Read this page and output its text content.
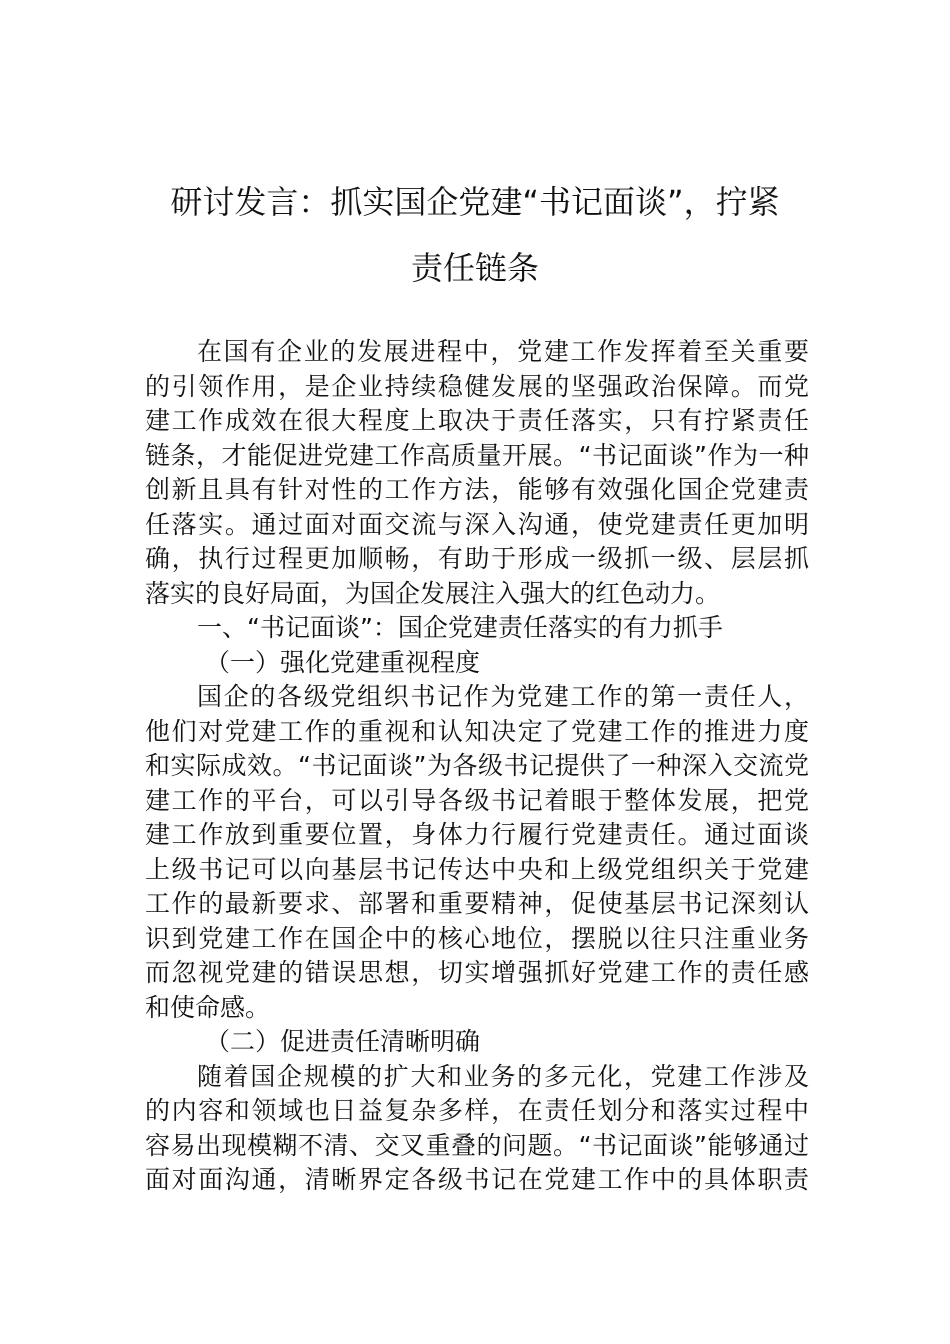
研讨发言：抓实国企党建“书记面谈”，拧紧
责任链条
在国有企业的发展进程中，党建工作发挥着至关重要
的引领作用，是企业持续稳健发展的坚强政治保障。而党
建工作成效在很大程度上取决于责任落实，只有拧紧责任
链条，才能促进党建工作高质量开展。“书记面谈”作为一种
创新且具有针对性的工作方法，能够有效强化国企党建责
任落实。通过面对面交流与深入沟通，使党建责任更加明
确，执行过程更加顺畅，有助于形成一级抓一级、层层抓
落实的良好局面，为国企发展注入强大的红色动力。
一、“书记面谈”：国企党建责任落实的有力抓手
（一）强化党建重视程度
国企的各级党组织书记作为党建工作的第一责任人，
他们对党建工作的重视和认知决定了党建工作的推进力度
和实际成效。“书记面谈”为各级书记提供了一种深入交流党
建工作的平台，可以引导各级书记着眼于整体发展，把党
建工作放到重要位置，身体力行履行党建责任。通过面谈
上级书记可以向基层书记传达中央和上级党组织关于党建
工作的最新要求、部署和重要精神，促使基层书记深刻认
识到党建工作在国企中的核心地位，摆脱以往只注重业务
而忽视党建的错误思想，切实增强抓好党建工作的责任感
和使命感。
（二）促进责任清晰明确
随着国企规模的扩大和业务的多元化，党建工作涉及
的内容和领域也日益复杂多样，在责任划分和落实过程中
容易出现模糊不清、交叉重叠的问题。“书记面谈”能够通过
面对面沟通，清晰界定各级书记在党建工作中的具体职责
